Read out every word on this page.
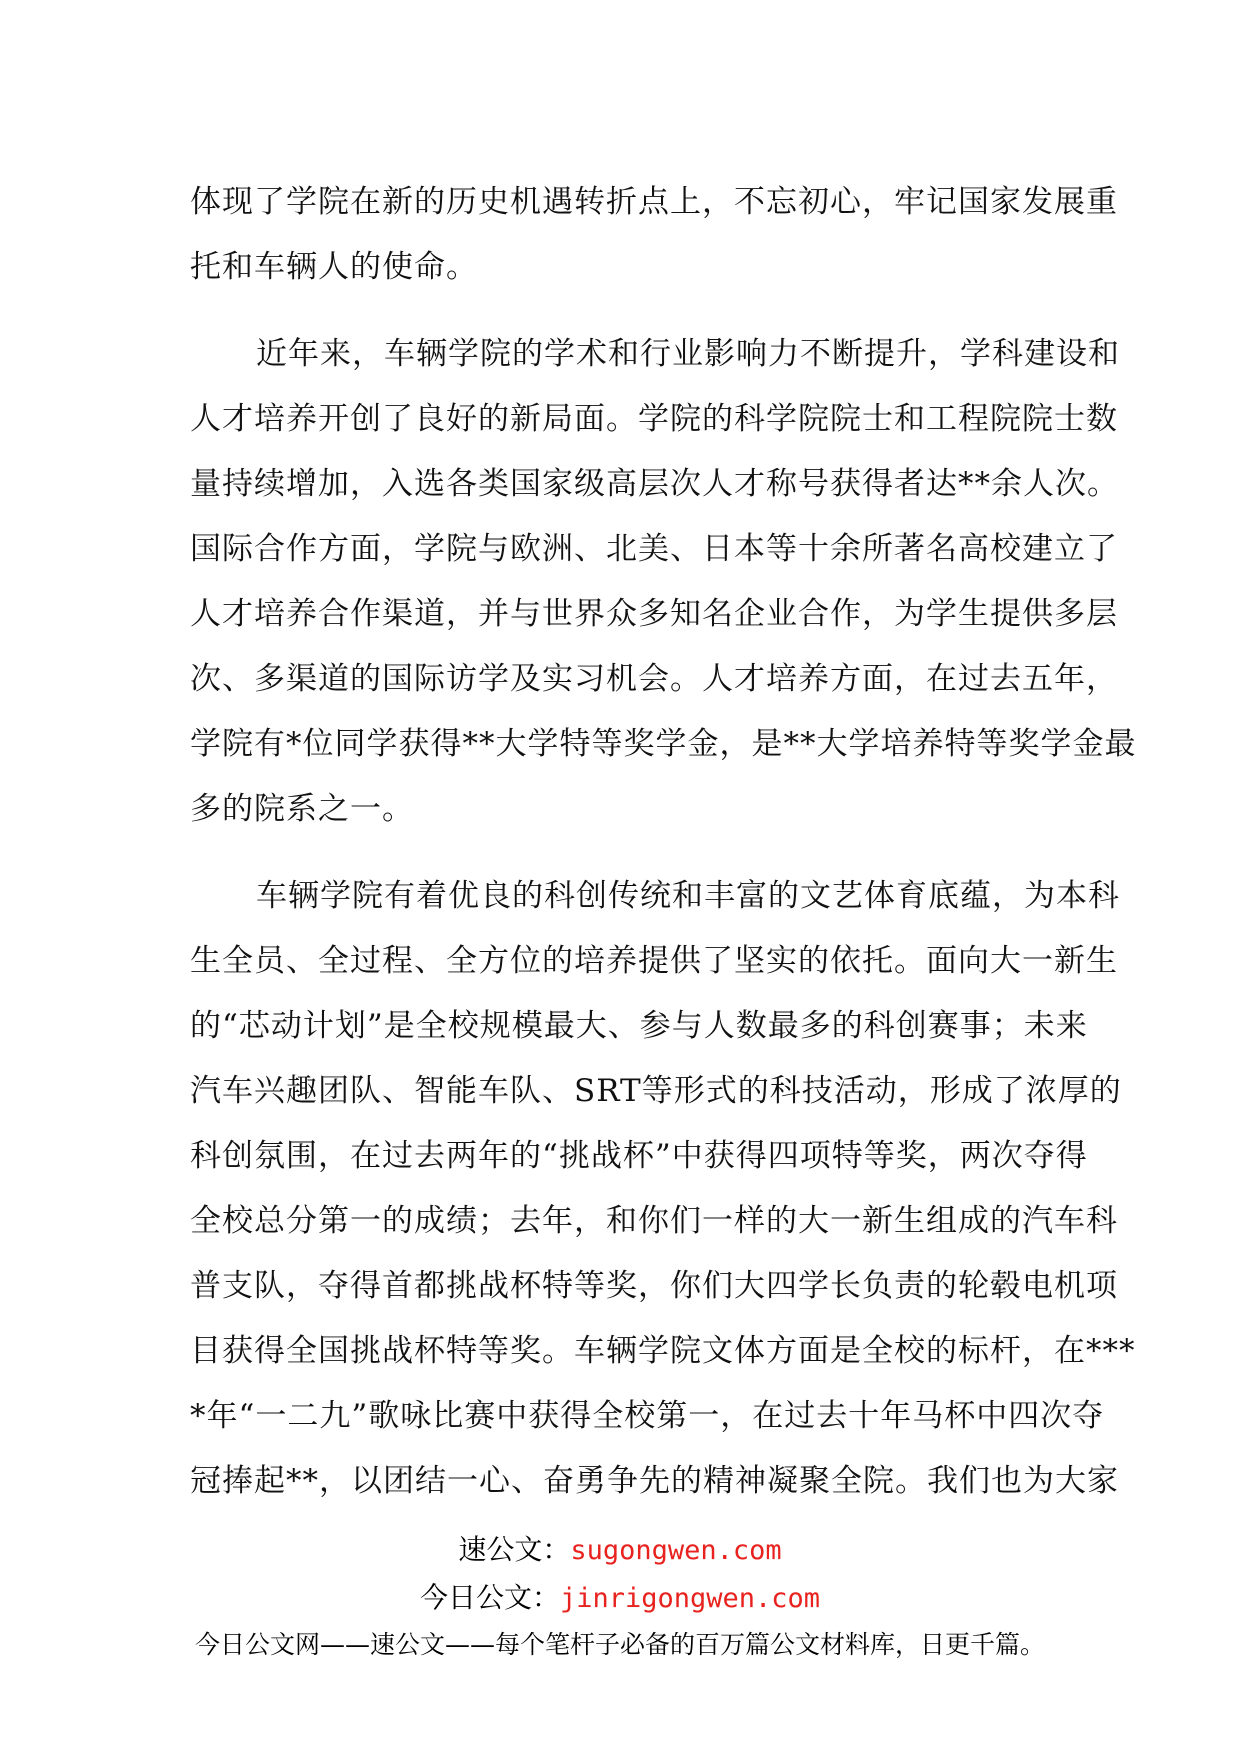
体现了学院在新的历史机遇转折点上，不忘初心，牢记国家发展重
托和车辆人的使命。
近年来，车辆学院的学术和行业影响力不断提升，学科建设和
人才培养开创了良好的新局面。学院的科学院院士和工程院院士数
量持续增加，入选各类国家级高层次人才称号获得者达**余人次。
国际合作方面，学院与欧洲、北美、日本等十余所著名高校建立了
人才培养合作渠道，并与世界众多知名企业合作，为学生提供多层
次、多渠道的国际访学及实习机会。人才培养方面，在过去五年，
学院有*位同学获得**大学特等奖学金，是**大学培养特等奖学金最
多的院系之一。
车辆学院有着优良的科创传统和丰富的文艺体育底蕴，为本科
生全员、全过程、全方位的培养提供了坚实的依托。面向大一新生
的“芯动计划”是全校规模最大、参与人数最多的科创赛事；未来
汽车兴趣团队、智能车队、SRT等形式的科技活动，形成了浓厚的
科创氛围，在过去两年的“挑战杯”中获得四项特等奖，两次夺得
全校总分第一的成绩；去年，和你们一样的大一新生组成的汽车科
普支队，夺得首都挑战杯特等奖，你们大四学长负责的轮毂电机项
目获得全国挑战杯特等奖。车辆学院文体方面是全校的标杆，在***
*年“一二九”歌咏比赛中获得全校第一，在过去十年马杯中四次夺
冠捧起**，以团结一心、奋勇争先的精神凝聚全院。我们也为大家
速公文：sugongwen.com
今日公文：jinrigongwen.com
今日公文网——速公文——每个笔杆子必备的百万篇公文材料库，日更千篇。
